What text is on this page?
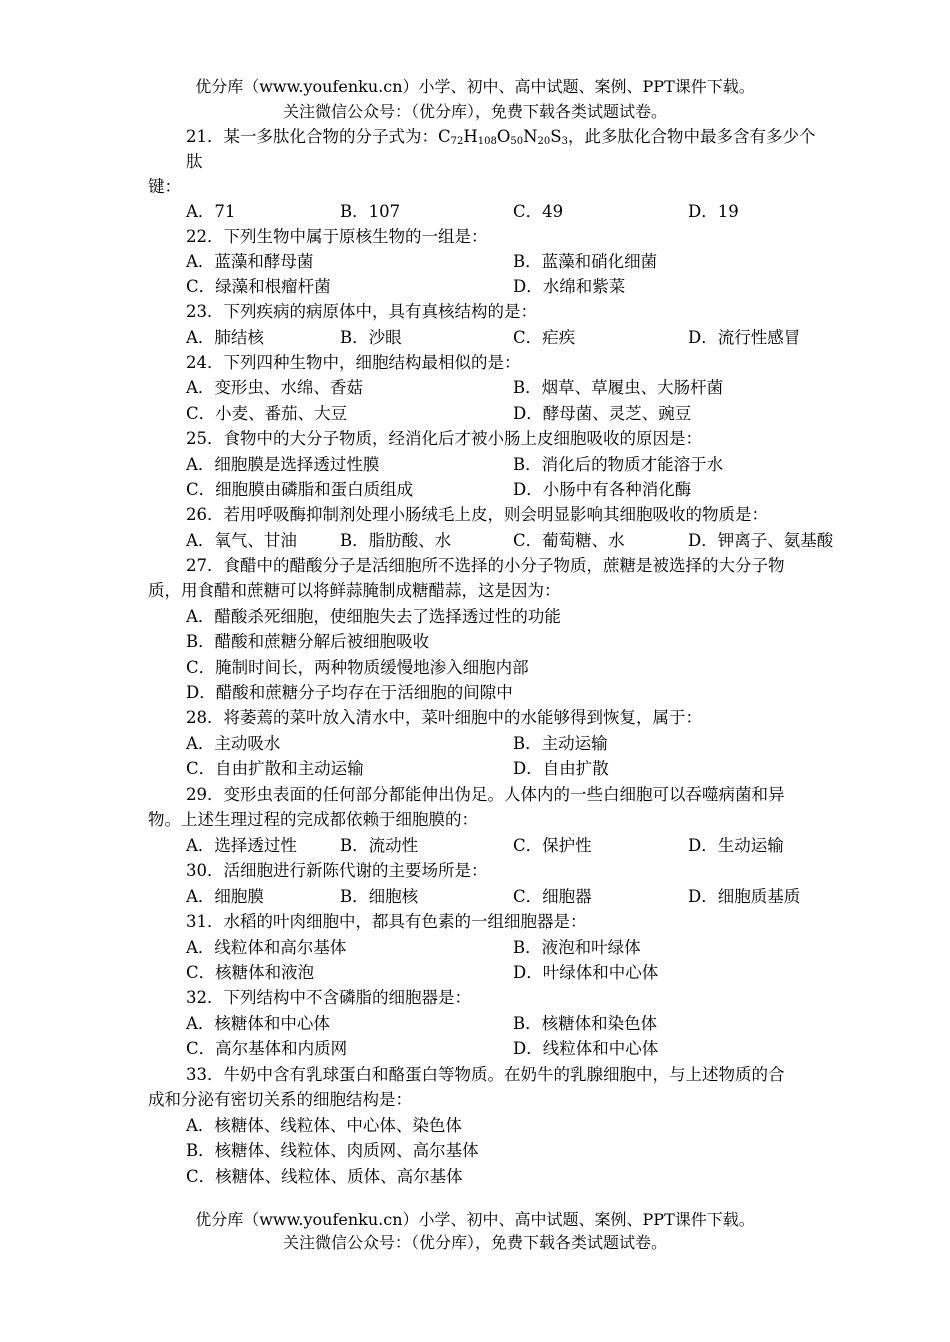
优分库（www.youfenku.cn）小学、初中、高中试题、案例、PPT课件下载。
关注微信公众号：（优分库），免费下载各类试题试卷。
21．某一多肽化合物的分子式为：$C_{72}H_{108}O_{50}N_{20}S_3$，此多肽化合物中最多含有多少个
肽
键：
A．71	B．107	C．49	D．19
22．下列生物中属于原核生物的一组是：
A．蓝藻和酵母菌	B．蓝藻和硝化细菌
C．绿藻和根瘤杆菌	D．水绵和紫菜
23．下列疾病的病原体中，具有真核结构的是：
A．肺结核	B．沙眼	C．疟疾	D．流行性感冒
24．下列四种生物中，细胞结构最相似的是：
A．变形虫、水绵、香菇	B．烟草、草履虫、大肠杆菌
C．小麦、番茄、大豆	D．酵母菌、灵芝、豌豆
25．食物中的大分子物质，经消化后才被小肠上皮细胞吸收的原因是：
A．细胞膜是选择透过性膜	B．消化后的物质才能溶于水
C．细胞膜由磷脂和蛋白质组成	D．小肠中有各种消化酶
26．若用呼吸酶抑制剂处理小肠绒毛上皮，则会明显影响其细胞吸收的物质是：
A．氧气、甘油	B．脂肪酸、水	C．葡萄糖、水	D．钾离子、氨基酸
27．食醋中的醋酸分子是活细胞所不选择的小分子物质，蔗糖是被选择的大分子物
质，用食醋和蔗糖可以将鲜蒜腌制成糖醋蒜，这是因为：
A．醋酸杀死细胞，使细胞失去了选择透过性的功能
B．醋酸和蔗糖分解后被细胞吸收
C．腌制时间长，两种物质缓慢地渗入细胞内部
D．醋酸和蔗糖分子均存在于活细胞的间隙中
28．将萎蔫的菜叶放入清水中，菜叶细胞中的水能够得到恢复，属于：
A．主动吸水	B．主动运输
C．自由扩散和主动运输	D．自由扩散
29．变形虫表面的任何部分都能伸出伪足。人体内的一些白细胞可以吞噬病菌和异
物。上述生理过程的完成都依赖于细胞膜的：
A．选择透过性	B．流动性	C．保护性	D．生动运输
30．活细胞进行新陈代谢的主要场所是：
A．细胞膜	B．细胞核	C．细胞器	D．细胞质基质
31．水稻的叶肉细胞中，都具有色素的一组细胞器是：
A．线粒体和高尔基体	B．液泡和叶绿体
C．核糖体和液泡	D．叶绿体和中心体
32．下列结构中不含磷脂的细胞器是：
A．核糖体和中心体	B．核糖体和染色体
C．高尔基体和内质网	D．线粒体和中心体
33．牛奶中含有乳球蛋白和酪蛋白等物质。在奶牛的乳腺细胞中，与上述物质的合
成和分泌有密切关系的细胞结构是：
A．核糖体、线粒体、中心体、染色体
B．核糖体、线粒体、肉质网、高尔基体
C．核糖体、线粒体、质体、高尔基体
优分库（www.youfenku.cn）小学、初中、高中试题、案例、PPT课件下载。
关注微信公众号：（优分库），免费下载各类试题试卷。
